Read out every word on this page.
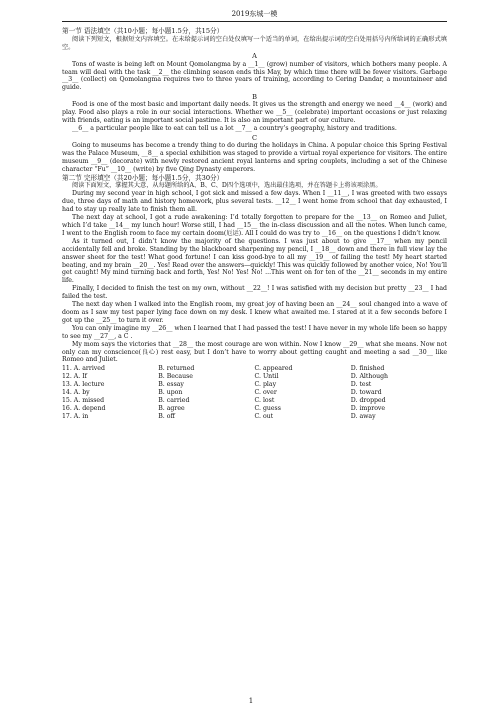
2019东城一模
第一节 语法填空（共10小题；每小题1.5分，共15分）

阅读下列短文，根据短文内容填空。在未给提示词的空白处仅填写一个适当的单词，在给出提示词的空白处用括号内所给词的正确形式填空。

A

Tons of waste is being left on Mount Qomolangma by a __1__ (grow) number of visitors, which bothers many people. A team will deal with the task __2__ the climbing season ends this May, by which time there will be fewer visitors. Garbage __3__ (collect) on Qomolangma requires two to three years of training, according to Cering Dandar, a mountaineer and guide.

B

Food is one of the most basic and important daily needs. It gives us the strength and energy we need __4__ (work) and play. Food also plays a role in our social interactions. Whether we __5__ (celebrate) important occasions or just relaxing with friends, eating is an important social pastime. It is also an important part of our culture.

__6__ a particular people like to eat can tell us a lot __7__ a country’s geography, history and traditions.

C

Going to museums has become a trendy thing to do during the holidays in China. A popular choice this Spring Festival was the Palace Museum, __8__ a special exhibition was staged to provide a virtual royal experience for visitors. The entire museum __9__ (decorate) with newly restored ancient royal lanterns and spring couplets, including a set of the Chinese character “Fu” __10__ (write) by five Qing Dynasty emperors.

第二节 完形填空（共20小题；每小题1.5分，共30分）

阅读下面短文，掌握其大意，从每题所给的A、B、C、D四个选项中，选出最佳选项，并在答题卡上将该项涂黑。

During my second year in high school, I got sick and missed a few days. When I __11__, I was greeted with two essays due, three days of math and history homework, plus several tests. __12__ I went home from school that day exhausted, I had to stay up really late to finish them all.

The next day at school, I got a rude awakening: I’d totally forgotten to prepare for the __13__ on Romeo and Juliet, which I’d take __14__ my lunch hour! Worse still, I had __15__ the in-class discussion and all the notes. When lunch came, I went to the English room to face my certain doom(厄运). All I could do was try to __16__ on the questions I didn’t know.

As it turned out, I didn’t know the majority of the questions. I was just about to give __17__ when my pencil accidentally fell and broke. Standing by the blackboard sharpening my pencil, I __18__ down and there in full view lay the answer sheet for the test! What good fortune! I can kiss good-bye to all my __19__ of failing the test! My heart started beating, and my brain __20__. Yes! Read over the answers—quickly! This was quickly followed by another voice, No! You’ll get caught! My mind turning back and forth, Yes! No! Yes! No! ...This went on for ten of the __21__ seconds in my entire life.

Finally, I decided to finish the test on my own, without __22__! I was satisfied with my decision but pretty __23__ I had failed the test.

The next day when I walked into the English room, my great joy of having been an __24__ soul changed into a wave of doom as I saw my test paper lying face down on my desk. I knew what awaited me. I stared at it a few seconds before I got up the __25__ to turn it over.

You can only imagine my __26__ when I learned that I had passed the test! I have never in my whole life been so happy to see my __27__, a C .

My mom says the victories that __28__ the most courage are won within. Now I know __29__ what she means. Now not only can my conscience(良心) rest easy, but I don’t have to worry about getting caught and meeting a sad __30__ like Romeo and Juliet.

11. A. arrived	B. returned	C. appeared	D. finished
12. A. If	B. Because	C. Until	D. Although
13. A. lecture	B. essay	C. play	D. test
14. A. by	B. upon	C. over	D. toward
15. A. missed	B. carried	C. lost	D. dropped
16. A. depend	B. agree	C. guess	D. improve
17. A. in	B. off	C. out	D. away
1
